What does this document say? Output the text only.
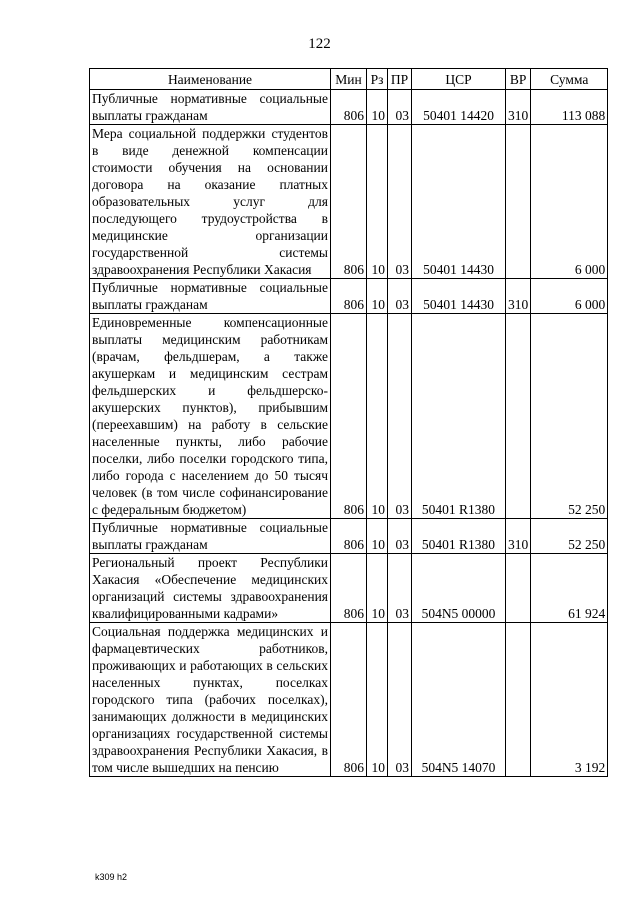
122
Наименование	Мин	Рз	ПР	ЦСР	ВР	Сумма
Публичные нормативные социальные выплаты гражданам	806	10	03	50401 14420	310	113 088
Мера социальной поддержки студентов в виде денежной компенсации стоимости обучения на основании договора на оказание платных образовательных услуг для последующего трудоустройства в медицинские организации государственной системы здравоохранения Республики Хакасия	806	10	03	50401 14430		6 000
Публичные нормативные социальные выплаты гражданам	806	10	03	50401 14430	310	6 000
Единовременные компенсационные выплаты медицинским работникам (врачам, фельдшерам, а также акушеркам и медицинским сестрам фельдшерских и фельдшерско-акушерских пунктов), прибывшим (переехавшим) на работу в сельские населенные пункты, либо рабочие поселки, либо поселки городского типа, либо города с населением до 50 тысяч человек (в том числе софинансирование с федеральным бюджетом)	806	10	03	50401 R1380		52 250
Публичные нормативные социальные выплаты гражданам	806	10	03	50401 R1380	310	52 250
Региональный проект Республики Хакасия «Обеспечение медицинских организаций системы здравоохранения квалифицированными кадрами»	806	10	03	504N5 00000		61 924
Социальная поддержка медицинских и фармацевтических работников, проживающих и работающих в сельских населенных пунктах, поселках городского типа (рабочих поселках), занимающих должности в медицинских организациях государственной системы здравоохранения Республики Хакасия, в том числе вышедших на пенсию	806	10	03	504N5 14070		3 192
k309 h2
